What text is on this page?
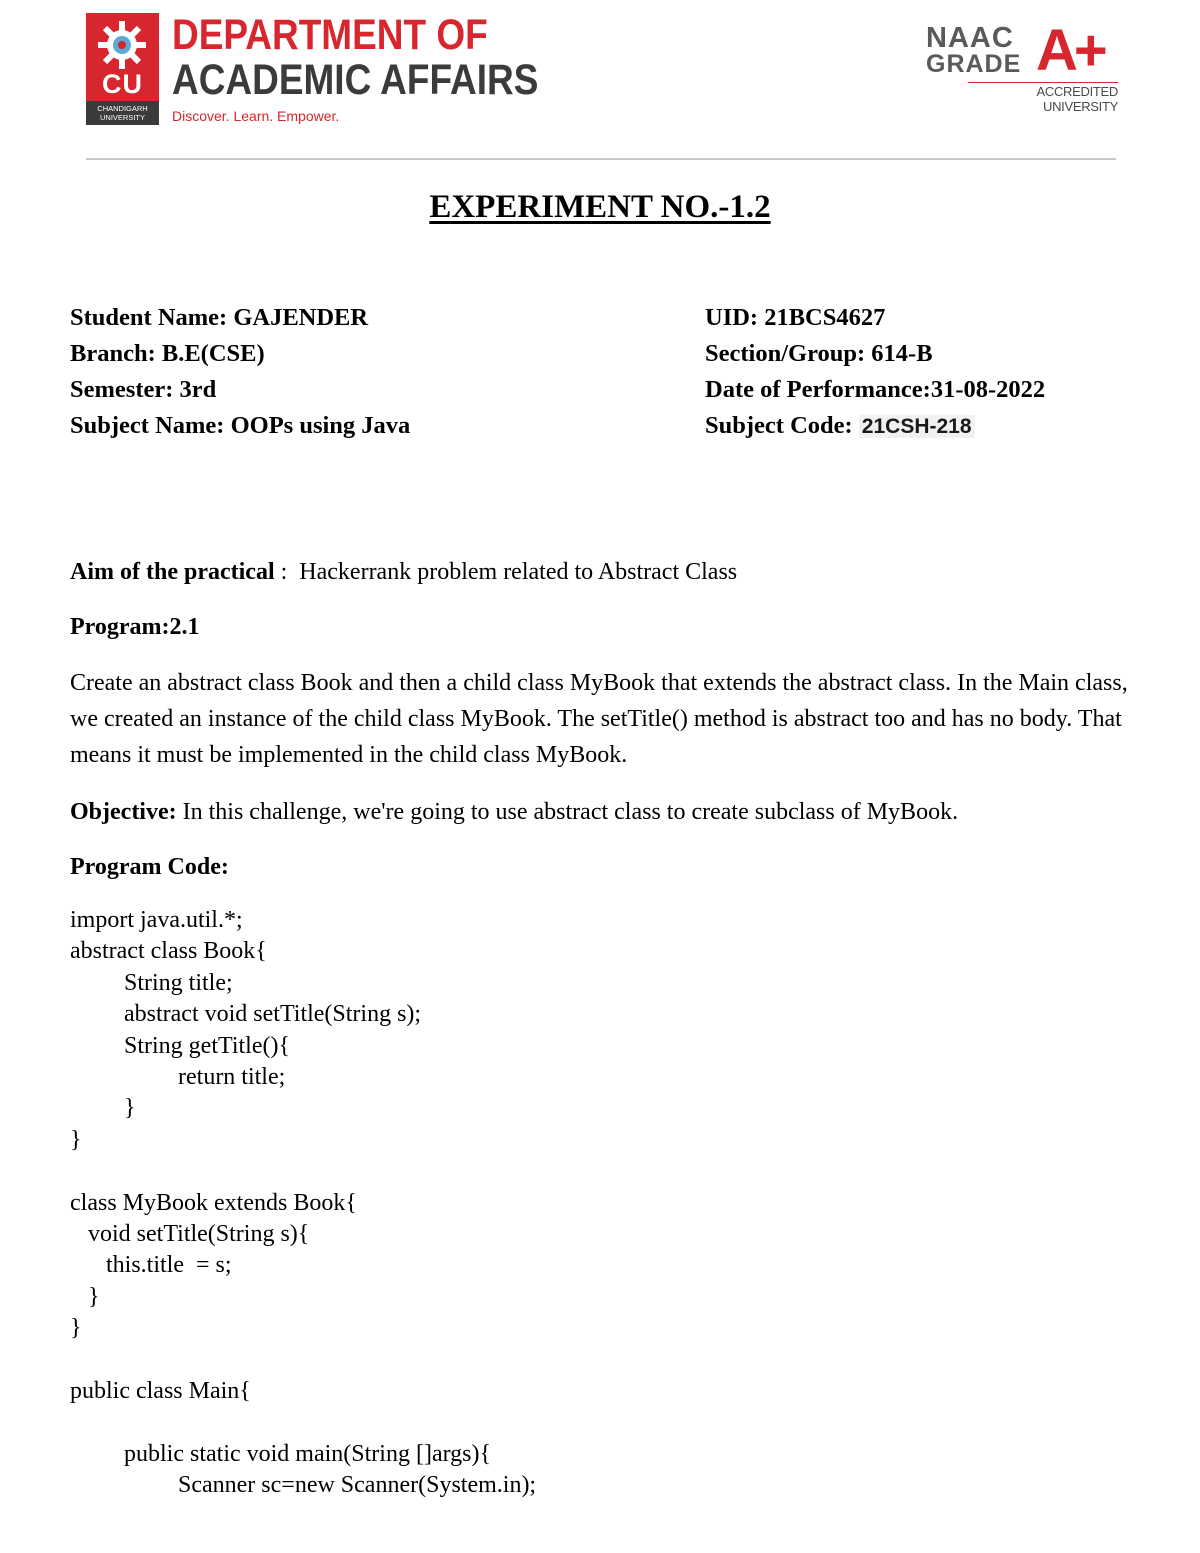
CU
CHANDIGARH
UNIVERSITY
DEPARTMENT OF
ACADEMIC AFFAIRS
Discover. Learn. Empower.
NAAC
GRADE A+
ACCREDITED UNIVERSITY
EXPERIMENT NO.-1.2
Student Name: GAJENDER
Branch: B.E(CSE)
Semester: 3rd
Subject Name: OOPs using Java
UID: 21BCS4627
Section/Group: 614-B
Date of Performance:31-08-2022
Subject Code: 21CSH-218
Aim of the practical :  Hackerrank problem related to Abstract Class
Program:2.1
Create an abstract class Book and then a child class MyBook that extends the abstract class. In the Main class, we created an instance of the child class MyBook. The setTitle() method is abstract too and has no body. That means it must be implemented in the child class MyBook.
Objective: In this challenge, we're going to use abstract class to create subclass of MyBook.
Program Code:
import java.util.*;
abstract class Book{
String title;
abstract void setTitle(String s);
String getTitle(){
return title;
}
}
class MyBook extends Book{
void setTitle(String s){
this.title  = s;
}
}
public class Main{
public static void main(String []args){
Scanner sc=new Scanner(System.in);
